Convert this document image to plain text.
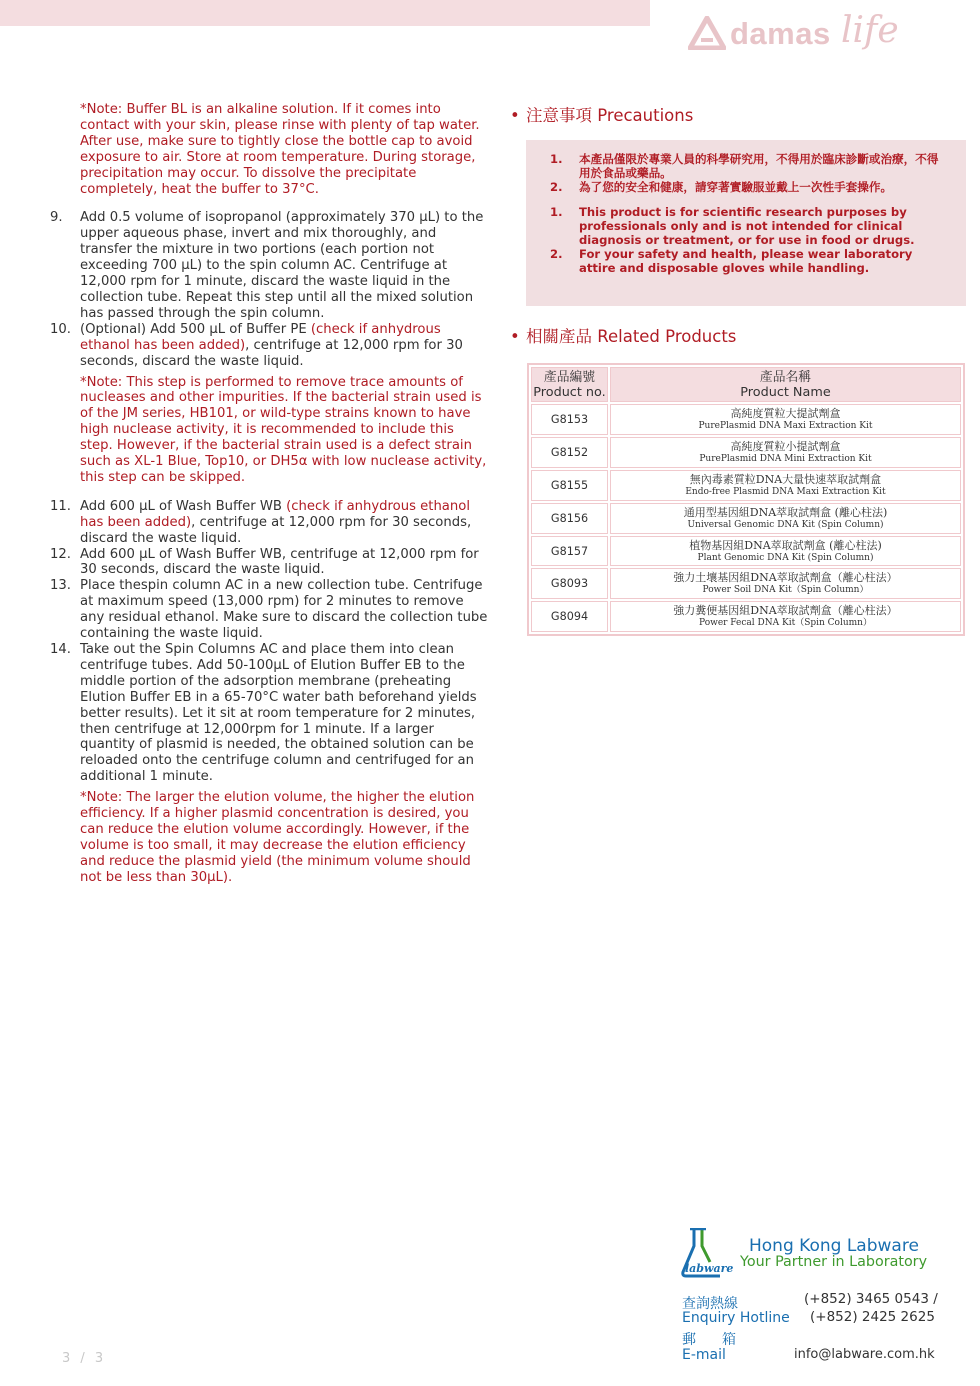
damas life
*Note: Buffer BL is an alkaline solution. If it comes into contact with your skin, please rinse with plenty of tap water. After use, make sure to tightly close the bottle cap to avoid exposure to air. Store at room temperature. During storage, precipitation may occur. To dissolve the precipitate completely, heat the buffer to 37°C.
9.	Add 0.5 volume of isopropanol (approximately 370 µL) to the upper aqueous phase, invert and mix thoroughly, and transfer the mixture in two portions (each portion not exceeding 700 µL) to the spin column AC. Centrifuge at 12,000 rpm for 1 minute, discard the waste liquid in the collection tube. Repeat this step until all the mixed solution has passed through the spin column.
10. (Optional) Add 500 µL of Buffer PE (check if anhydrous ethanol has been added), centrifuge at 12,000 rpm for 30 seconds, discard the waste liquid.
*Note: This step is performed to remove trace amounts of nucleases and other impurities. If the bacterial strain used is of the JM series, HB101, or wild-type strains known to have high nuclease activity, it is recommended to include this step. However, if the bacterial strain used is a defect strain such as XL-1 Blue, Top10, or DH5α with low nuclease activity, this step can be skipped.
11. Add 600 µL of Wash Buffer WB (check if anhydrous ethanol has been added), centrifuge at 12,000 rpm for 30 seconds, discard the waste liquid.
12. Add 600 µL of Wash Buffer WB, centrifuge at 12,000 rpm for 30 seconds, discard the waste liquid.
13. Place thespin column AC in a new collection tube. Centrifuge at maximum speed (13,000 rpm) for 2 minutes to remove any residual ethanol. Make sure to discard the collection tube containing the waste liquid.
14. Take out the Spin Columns AC and place them into clean centrifuge tubes. Add 50-100µL of Elution Buffer EB to the middle portion of the adsorption membrane (preheating Elution Buffer EB in a 65-70°C water bath beforehand yields better results). Let it sit at room temperature for 2 minutes, then centrifuge at 12,000rpm for 1 minute. If a larger quantity of plasmid is needed, the obtained solution can be reloaded onto the centrifuge column and centrifuged for an additional 1 minute.
*Note: The larger the elution volume, the higher the elution efficiency. If a higher plasmid concentration is desired, you can reduce the elution volume accordingly. However, if the volume is too small, it may decrease the elution efficiency and reduce the plasmid yield (the minimum volume should not be less than 30µL).
• 注意事項 Precautions
1.	本產品僅限於專業人員的科學研究用，不得用於臨床診斷或治療，不得用於食品或藥品。
2.	為了您的安全和健康，請穿著實驗服並戴上一次性手套操作。
1.	This product is for scientific research purposes by professionals only and is not intended for clinical diagnosis or treatment, or for use in food or drugs.
2.	For your safety and health, please wear laboratory attire and disposable gloves while handling.
• 相關產品 Related Products
產品編號
Product no.
產品名稱
Product Name
G8153	高純度質粒大提試劑盒
PurePlasmid DNA Maxi Extraction Kit
G8152	高純度質粒小提試劑盒
PurePlasmid DNA Mini Extraction Kit
G8155	無內毒素質粒DNA大量快速萃取試劑盒
Endo-free Plasmid DNA Maxi Extraction Kit
G8156	通用型基因組DNA萃取試劑盒 (離心柱法)
Universal Genomic DNA Kit (Spin Column)
G8157	植物基因組DNA萃取試劑盒 (離心柱法)
Plant Genomic DNA Kit (Spin Column)
G8093	強力土壤基因組DNA萃取試劑盒（離心柱法）
Power Soil DNA Kit（Spin Column）
G8094	強力糞便基因組DNA萃取試劑盒（離心柱法）
Power Fecal DNA Kit（Spin Column）
labware
Hong Kong Labware
Your Partner in Laboratory
查詢熱線
Enquiry Hotline
郵箱
E-mail
(+852) 3465 0543 /
(+852) 2425 2625
info@labware.com.hk
3 / 3
